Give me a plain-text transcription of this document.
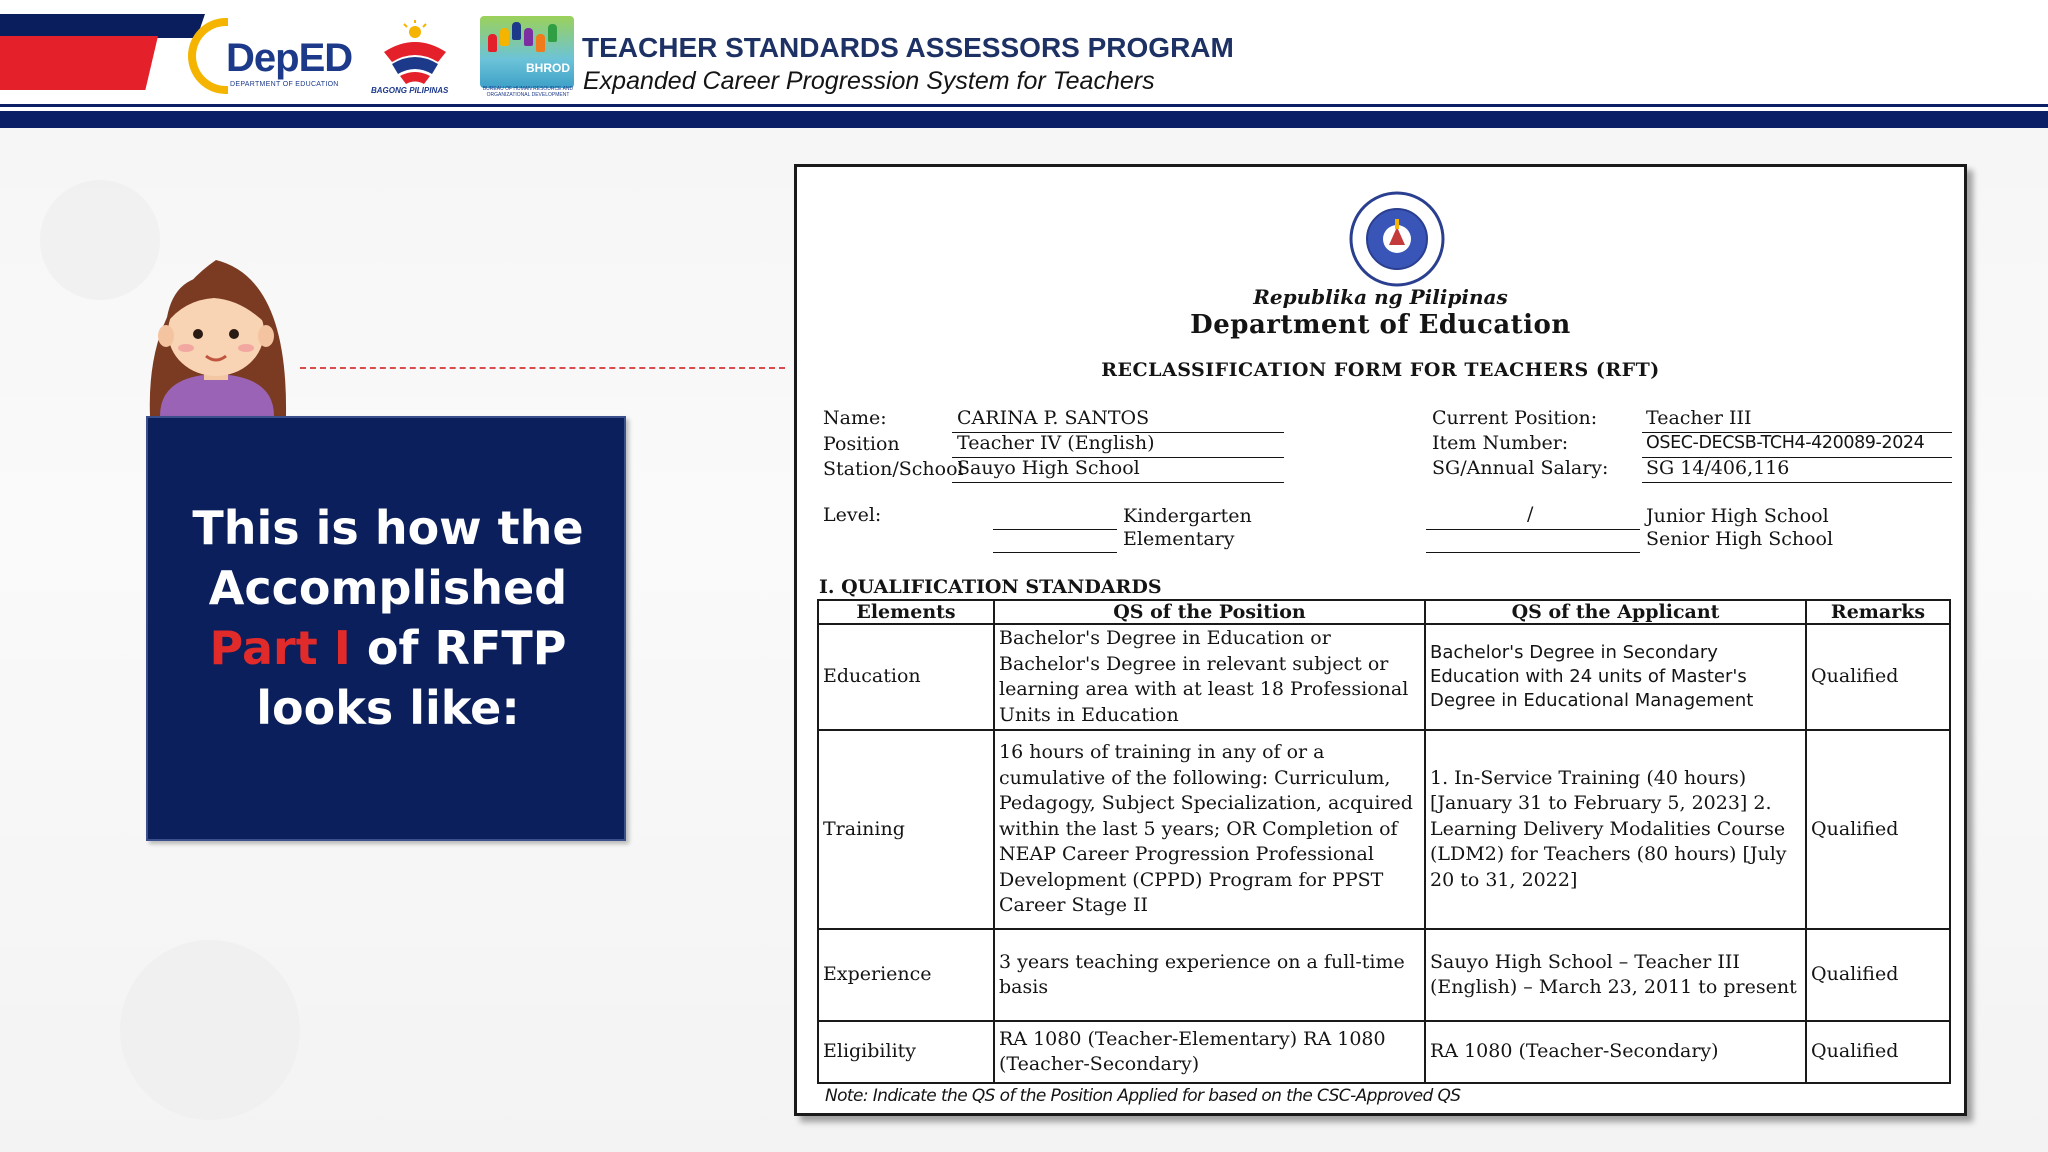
DepED
DEPARTMENT OF EDUCATION
BAGONG PILIPINAS
BHROD
BUREAU OF HUMAN RESOURCE AND ORGANIZATIONAL DEVELOPMENT
TEACHER STANDARDS ASSESSORS PROGRAM
Expanded Career Progression System for Teachers
This is how the
Accomplished
Part I of RFTP
looks like:
Republika ng Pilipinas
Department of Education
RECLASSIFICATION FORM FOR TEACHERS (RFT)
Name:	CARINA P. SANTOS
Position	Teacher IV (English)
Station/School
Sauyo High School
Current Position:	Teacher III
Item Number:	OSEC-DECSB-TCH4-420089-2024
SG/Annual Salary: SG 14/406,116
Level:	Kindergarten
Elementary
/	Junior High School
Senior High School
I. QUALIFICATION STANDARDS
Elements	QS of the Position	QS of the Applicant	Remarks
Education	Bachelor's Degree in Education or Bachelor's Degree in relevant subject or learning area with at least 18 Professional Units in Education	Bachelor's Degree in Secondary Education with 24 units of Master's Degree in Educational Management	Qualified
Training	16 hours of training in any of or a cumulative of the following: Curriculum, Pedagogy, Subject Specialization, acquired within the last 5 years; OR Completion of NEAP Career Progression Professional Development (CPPD) Program for PPST Career Stage II	1. In-Service Training (40 hours) [January 31 to February 5, 2023] 2. Learning Delivery Modalities Course (LDM2) for Teachers (80 hours) [July 20 to 31, 2022]	Qualified
Experience	3 years teaching experience on a full-time basis	Sauyo High School – Teacher III (English) – March 23, 2011 to present	Qualified
Eligibility	RA 1080 (Teacher-Elementary) RA 1080 (Teacher-Secondary)	RA 1080 (Teacher-Secondary)	Qualified
Note: Indicate the QS of the Position Applied for based on the CSC-Approved QS
